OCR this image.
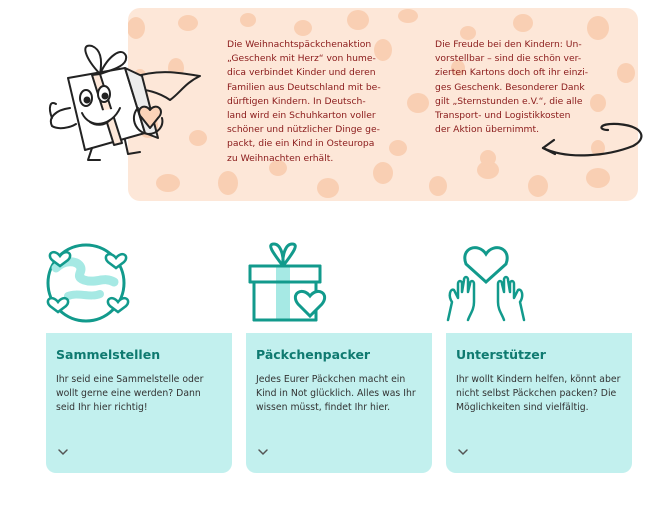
Die Weihnachtspäckchenaktion
„Geschenk mit Herz“ von hume-
dica verbindet Kinder und deren
Familien aus Deutschland mit be-
dürftigen Kindern. In Deutsch-
land wird ein Schuhkarton voller
schöner und nützlicher Dinge ge-
packt, die ein Kind in Osteuropa
zu Weihnachten erhält.
Die Freude bei den Kindern: Un-
vorstellbar – sind die schön ver-
zierten Kartons doch oft ihr einzi-
ges Geschenk. Besonderer Dank
gilt „Sternstunden e.V.“, die alle
Transport- und Logistikkosten
der Aktion übernimmt.
Sammelstellen
Ihr seid eine Sammelstelle oder
wollt gerne eine werden? Dann
seid Ihr hier richtig!
Päckchenpacker
Jedes Eurer Päckchen macht ein
Kind in Not glücklich. Alles was Ihr
wissen müsst, findet Ihr hier.
Unterstützer
Ihr wollt Kindern helfen, könnt aber
nicht selbst Päckchen packen? Die
Möglichkeiten sind vielfältig.
